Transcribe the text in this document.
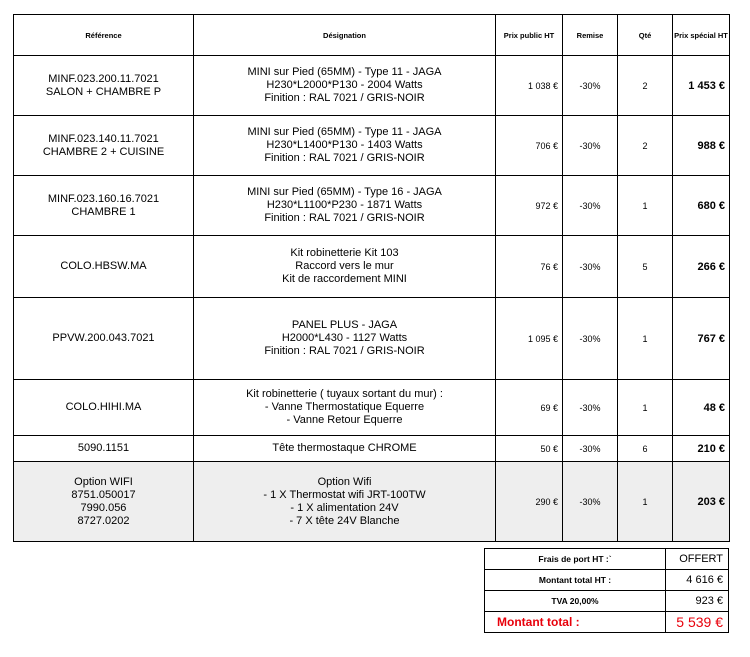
Référence	Désignation	Prix public HT	Remise	Qté	Prix spécial HT

MINF.023.200.11.7021
SALON + CHAMBRE P	MINI sur Pied (65MM) - Type 11 - JAGA
H230*L2000*P130 - 2004 Watts
Finition : RAL 7021 / GRIS-NOIR	1 038 €	-30%	2	1 453 €

MINF.023.140.11.7021
CHAMBRE 2 + CUISINE	MINI sur Pied (65MM) - Type 11 - JAGA
H230*L1400*P130 - 1403 Watts
Finition : RAL 7021 / GRIS-NOIR	706 €	-30%	2	988 €

MINF.023.160.16.7021
CHAMBRE 1	MINI sur Pied (65MM) - Type 16 - JAGA
H230*L1100*P230 - 1871 Watts
Finition : RAL 7021 / GRIS-NOIR	972 €	-30%	1	680 €

COLO.HBSW.MA	Kit robinetterie Kit 103
Raccord vers le mur
Kit de raccordement MINI	76 €	-30%	5	266 €

PPVW.200.043.7021	PANEL PLUS - JAGA
H2000*L430 - 1127 Watts
Finition : RAL 7021 / GRIS-NOIR	1 095 €	-30%	1	767 €

COLO.HIHI.MA	Kit robinetterie ( tuyaux sortant du mur) :
- Vanne Thermostatique Equerre
- Vanne Retour Equerre	69 €	-30%	1	48 €

5090.1151	Tête thermostaque CHROME	50 €	-30%	6	210 €

Option WIFI
8751.050017
7990.056
8727.0202	Option Wifi
- 1 X Thermostat wifi JRT-100TW
- 1 X alimentation 24V
- 7 X tête 24V Blanche	290 €	-30%	1	203 €
Frais de port HT :`	OFFERT
Montant total HT :	4 616 €
TVA 20,00%	923 €
Montant total :	5 539 €
